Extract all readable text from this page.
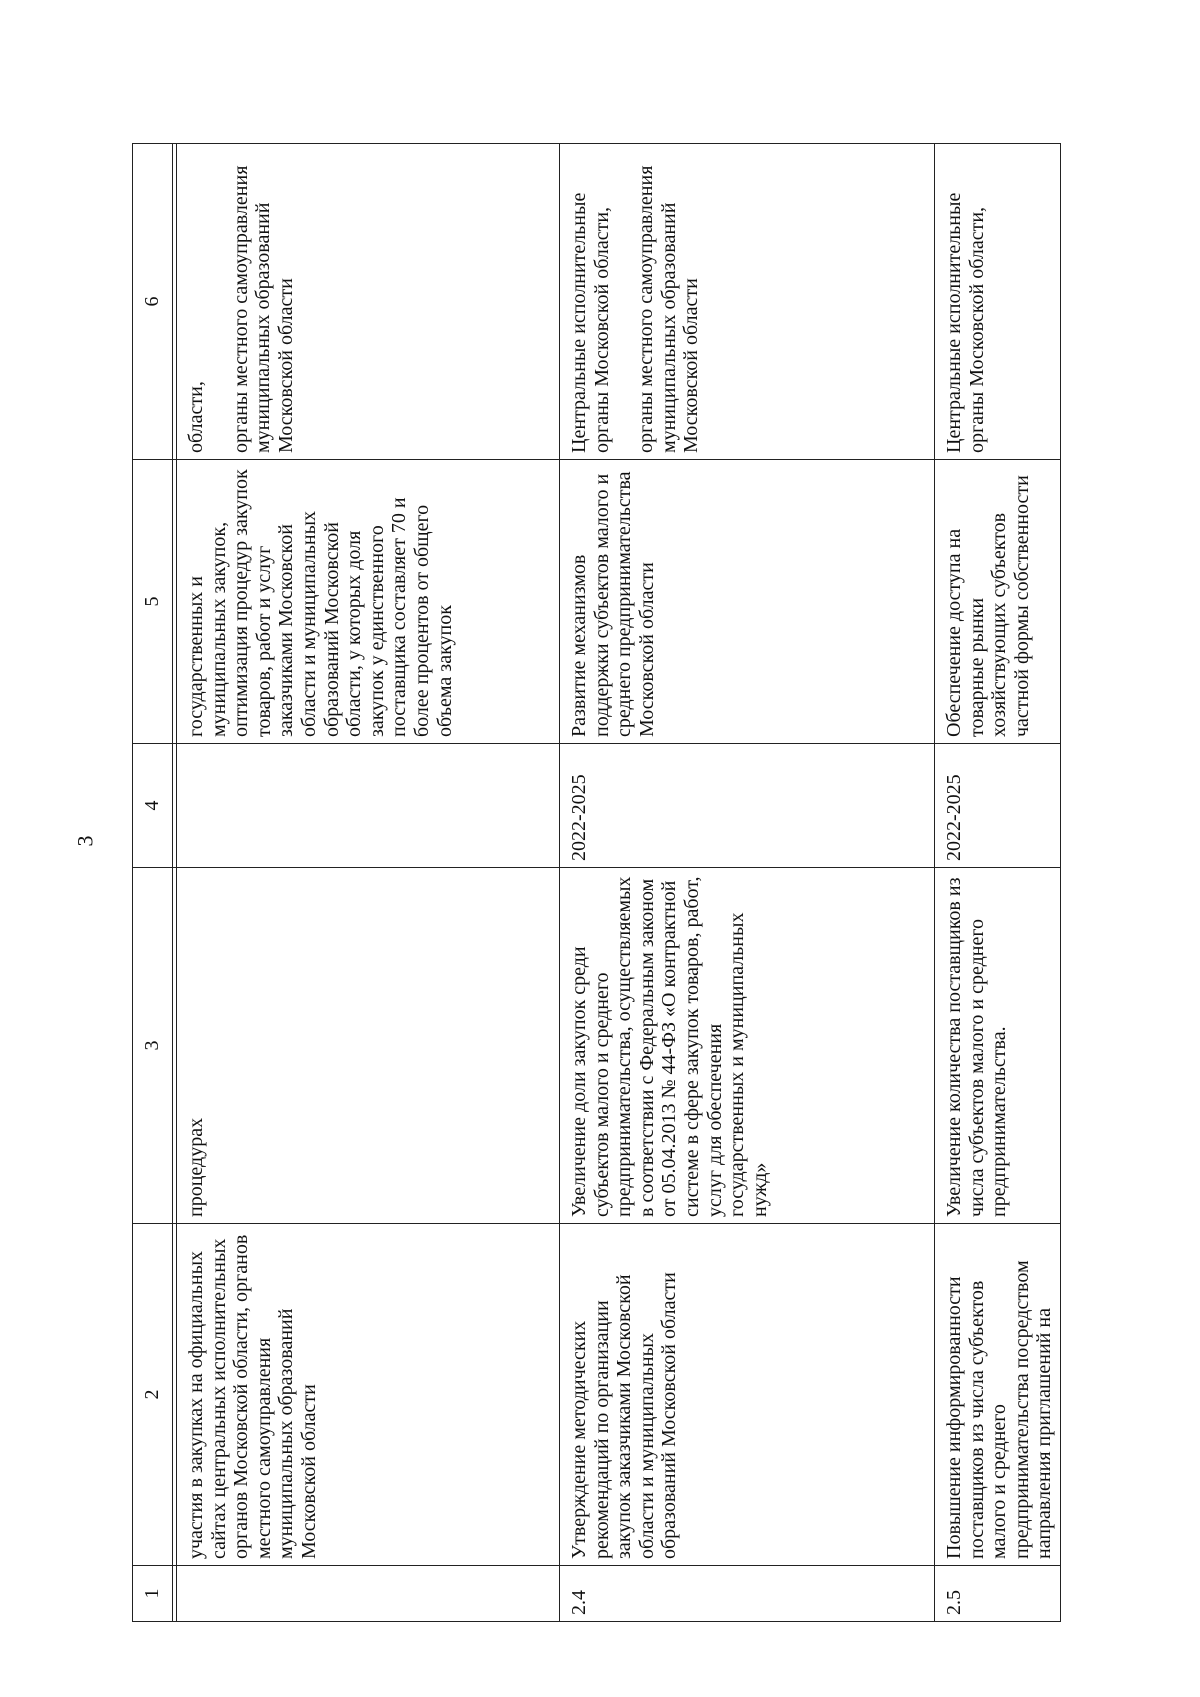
3
1	2	3	4	5	6

	участия в закупках на официальных сайтах центральных исполнительных органов Московской области, органов местного самоуправления муниципальных образований Московской области	процедурах		государственных и муниципальных закупок, оптимизация процедур закупок товаров, работ и услуг заказчиками Московской области и муниципальных образований Московской области, у которых доля закупок у единственного поставщика составляет 70 и более процентов от общего объема закупок	области, органы местного самоуправления муниципальных образований Московской области

2.4	Утверждение методических рекомендаций по организации закупок заказчиками Московской области и муниципальных образований Московской области	Увеличение доли закупок среди субъектов малого и среднего предпринимательства, осуществляемых в соответствии с Федеральным законом от 05.04.2013 № 44-ФЗ «О контрактной системе в сфере закупок товаров, работ, услуг для обеспечения государственных и муниципальных нужд»	2022-2025	Развитие механизмов поддержки субъектов малого и среднего предпринимательства Московской области	Центральные исполнительные органы Московской области, органы местного самоуправления муниципальных образований Московской области

2.5	Повышение информированности поставщиков из числа субъектов малого и среднего предпринимательства посредством направления приглашений на	Увеличение количества поставщиков из числа субъектов малого и среднего предпринимательства.	2022-2025	Обеспечение доступа на товарные рынки хозяйствующих субъектов частной формы собственности	Центральные исполнительные органы Московской области,
